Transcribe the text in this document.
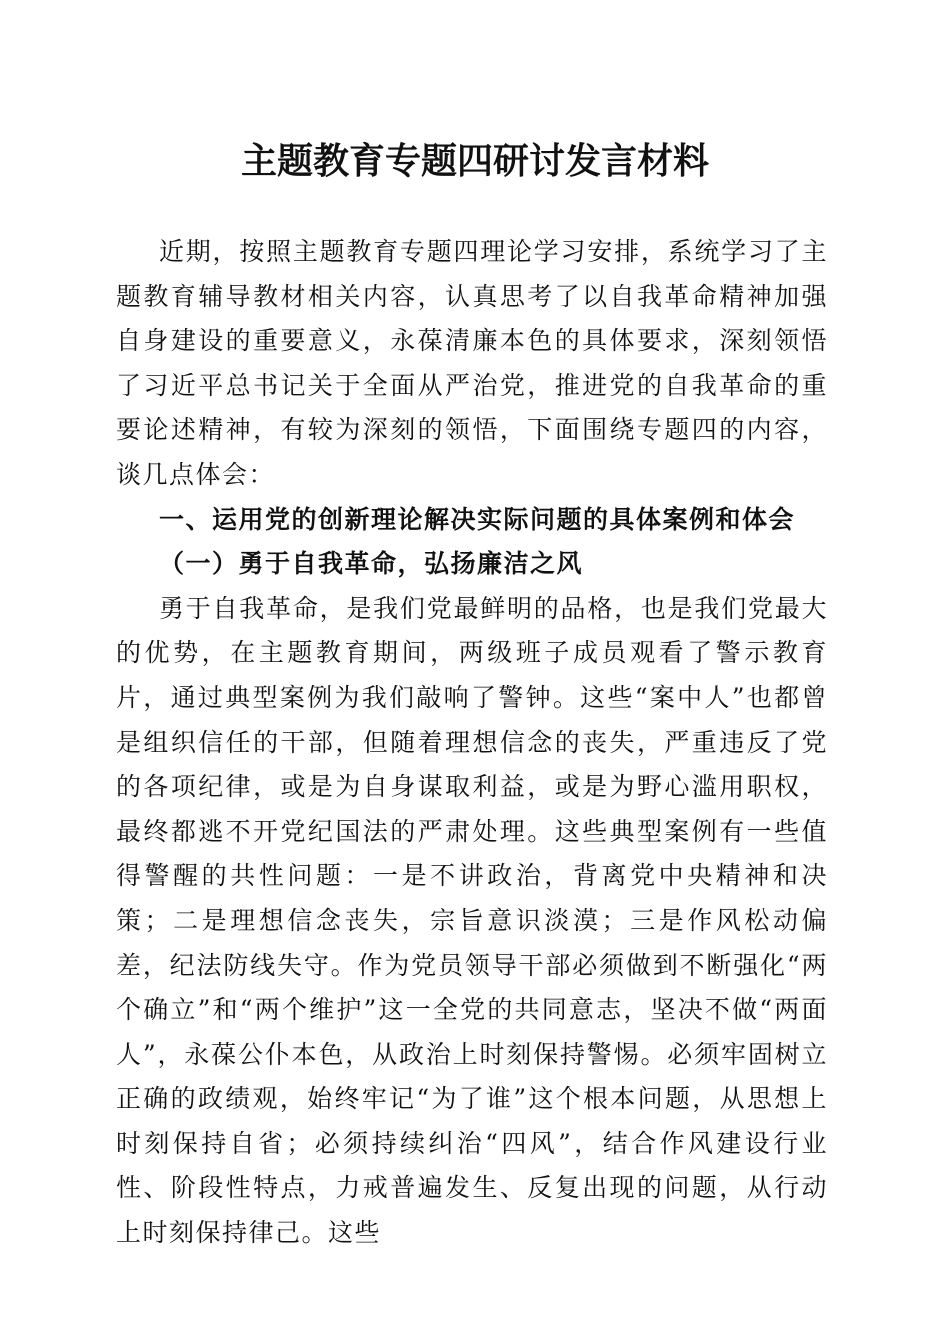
主题教育专题四研讨发言材料

近期，按照主题教育专题四理论学习安排，系统学习了主题教育辅导教材相关内容，认真思考了以自我革命精神加强自身建设的重要意义，永葆清廉本色的具体要求，深刻领悟了习近平总书记关于全面从严治党，推进党的自我革命的重要论述精神，有较为深刻的领悟，下面围绕专题四的内容，谈几点体会：

一、运用党的创新理论解决实际问题的具体案例和体会

（一）勇于自我革命，弘扬廉洁之风

勇于自我革命，是我们党最鲜明的品格，也是我们党最大的优势，在主题教育期间，两级班子成员观看了警示教育片，通过典型案例为我们敲响了警钟。这些“案中人”也都曾是组织信任的干部，但随着理想信念的丧失，严重违反了党的各项纪律，或是为自身谋取利益，或是为野心滥用职权，最终都逃不开党纪国法的严肃处理。这些典型案例有一些值得警醒的共性问题：一是不讲政治，背离党中央精神和决策；二是理想信念丧失，宗旨意识淡漠；三是作风松动偏差，纪法防线失守。作为党员领导干部必须做到不断强化“两个确立”和“两个维护”这一全党的共同意志，坚决不做“两面人”，永葆公仆本色，从政治上时刻保持警惕。必须牢固树立正确的政绩观，始终牢记“为了谁”这个根本问题，从思想上时刻保持自省；必须持续纠治“四风”，结合作风建设行业性、阶段性特点，力戒普遍发生、反复出现的问题，从行动上时刻保持律己。这些
